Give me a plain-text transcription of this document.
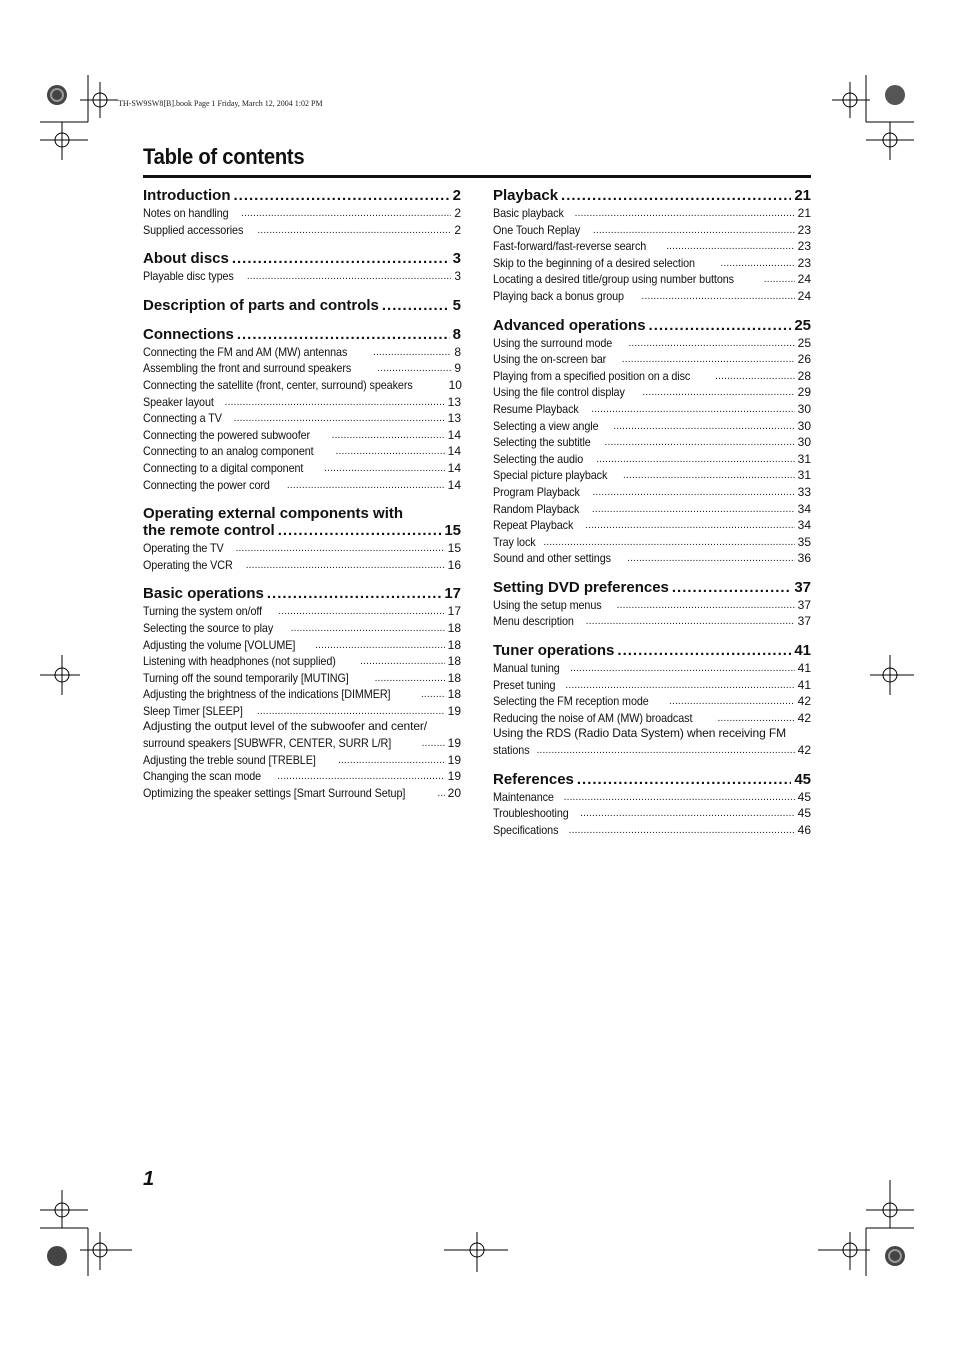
TH-SW9SW8[B].book Page 1 Friday, March 12, 2004 1:02 PM
Table of contents
Introduction .....	2
Notes on handling .....	2
Supplied accessories .....	2
About discs .....	3
Playable disc types .....	3
Description of parts and controls .....	5
Connections .....	8
Connecting the FM and AM (MW) antennas .....	8
Assembling the front and surround speakers .....	9
Connecting the satellite (front, center, surround) speakers	10
Speaker layout .....	13
Connecting a TV .....	13
Connecting the powered subwoofer .....	14
Connecting to an analog component .....	14
Connecting to a digital component .....	14
Connecting the power cord .....	14
Operating external components with
the remote control .....	15
Operating the TV .....	15
Operating the VCR .....	16
Basic operations .....	17
Turning the system on/off .....	17
Selecting the source to play .....	18
Adjusting the volume [VOLUME] .....	18
Listening with headphones (not supplied) .....	18
Turning off the sound temporarily [MUTING] .....	18
Adjusting the brightness of the indications [DIMMER] .....	18
Sleep Timer [SLEEP] .....	19
Adjusting the output level of the subwoofer and center/
surround speakers [SUBWFR, CENTER, SURR L/R] .....	19
Adjusting the treble sound [TREBLE] .....	19
Changing the scan mode .....	19
Optimizing the speaker settings [Smart Surround Setup] .....	20
Playback .....	21
Basic playback .....	21
One Touch Replay .....	23
Fast-forward/fast-reverse search .....	23
Skip to the beginning of a desired selection .....	23
Locating a desired title/group using number buttons .....	24
Playing back a bonus group .....	24
Advanced operations .....	25
Using the surround mode .....	25
Using the on-screen bar .....	26
Playing from a specified position on a disc .....	28
Using the file control display .....	29
Resume Playback .....	30
Selecting a view angle .....	30
Selecting the subtitle .....	30
Selecting the audio .....	31
Special picture playback .....	31
Program Playback .....	33
Random Playback .....	34
Repeat Playback .....	34
Tray lock .....	35
Sound and other settings .....	36
Setting DVD preferences .....	37
Using the setup menus .....	37
Menu description .....	37
Tuner operations .....	41
Manual tuning .....	41
Preset tuning .....	41
Selecting the FM reception mode .....	42
Reducing the noise of AM (MW) broadcast .....	42
Using the RDS (Radio Data System) when receiving FM
stations .....	42
References .....	45
Maintenance .....	45
Troubleshooting .....	45
Specifications .....	46
1
